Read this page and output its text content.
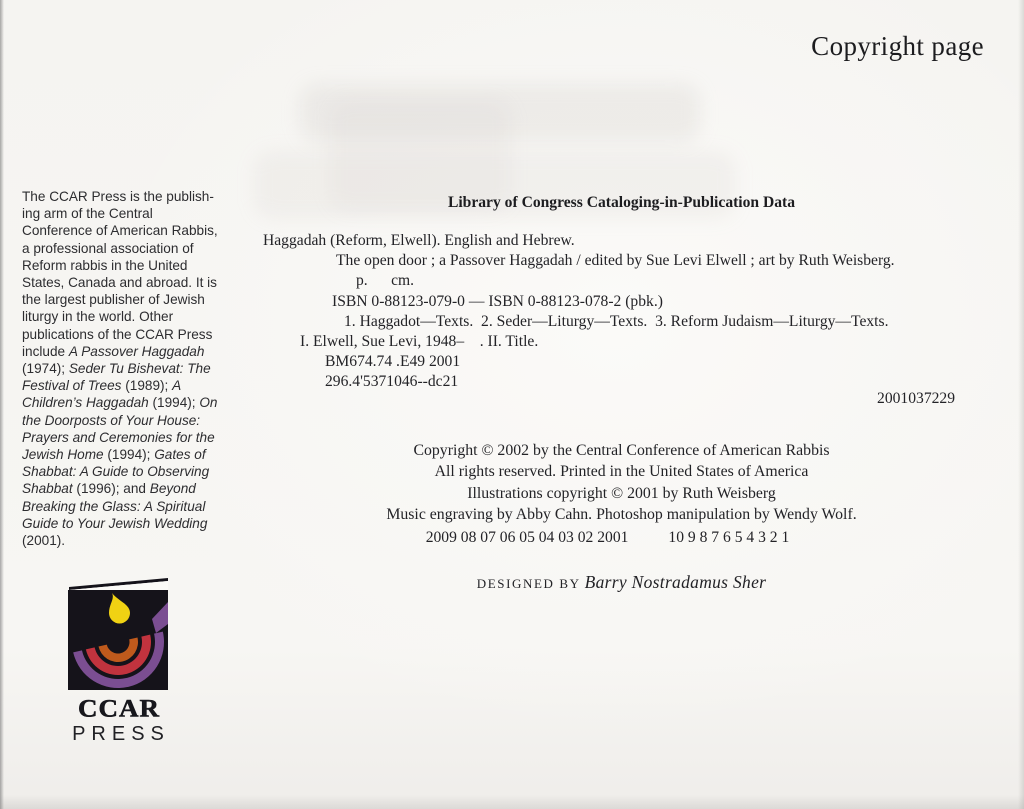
Copyright page
The CCAR Press is the publish-
ing arm of the Central
Conference of American Rabbis,
a professional association of
Reform rabbis in the United
States, Canada and abroad. It is
the largest publisher of Jewish
liturgy in the world. Other
publications of the CCAR Press
include A Passover Haggadah
(1974); Seder Tu Bishevat: The
Festival of Trees (1989); A
Children’s Haggadah (1994); On
the Doorposts of Your House:
Prayers and Ceremonies for the
Jewish Home (1994); Gates of
Shabbat: A Guide to Observing
Shabbat (1996); and Beyond
Breaking the Glass: A Spiritual
Guide to Your Jewish Wedding
(2001).
Library of Congress Cataloging-in-Publication Data
Haggadah (Reform, Elwell). English and Hebrew.
The open door ; a Passover Haggadah / edited by Sue Levi Elwell ; art by Ruth Weisberg.
p.      cm.
ISBN 0-88123-079-0 — ISBN 0-88123-078-2 (pbk.)
1. Haggadot—Texts.  2. Seder—Liturgy—Texts.  3. Reform Judaism—Liturgy—Texts.
I. Elwell, Sue Levi, 1948–    . II. Title.
BM674.74 .E49 2001
296.4'5371046--dc21
2001037229
Copyright © 2002 by the Central Conference of American Rabbis
All rights reserved. Printed in the United States of America
Illustrations copyright © 2001 by Ruth Weisberg
Music engraving by Abby Cahn. Photoshop manipulation by Wendy Wolf.
2009 08 07 06 05 04 03 02 2001	10 9 8 7 6 5 4 3 2 1
DESIGNED BY Barry Nostradamus Sher
CCAR
PRESS
